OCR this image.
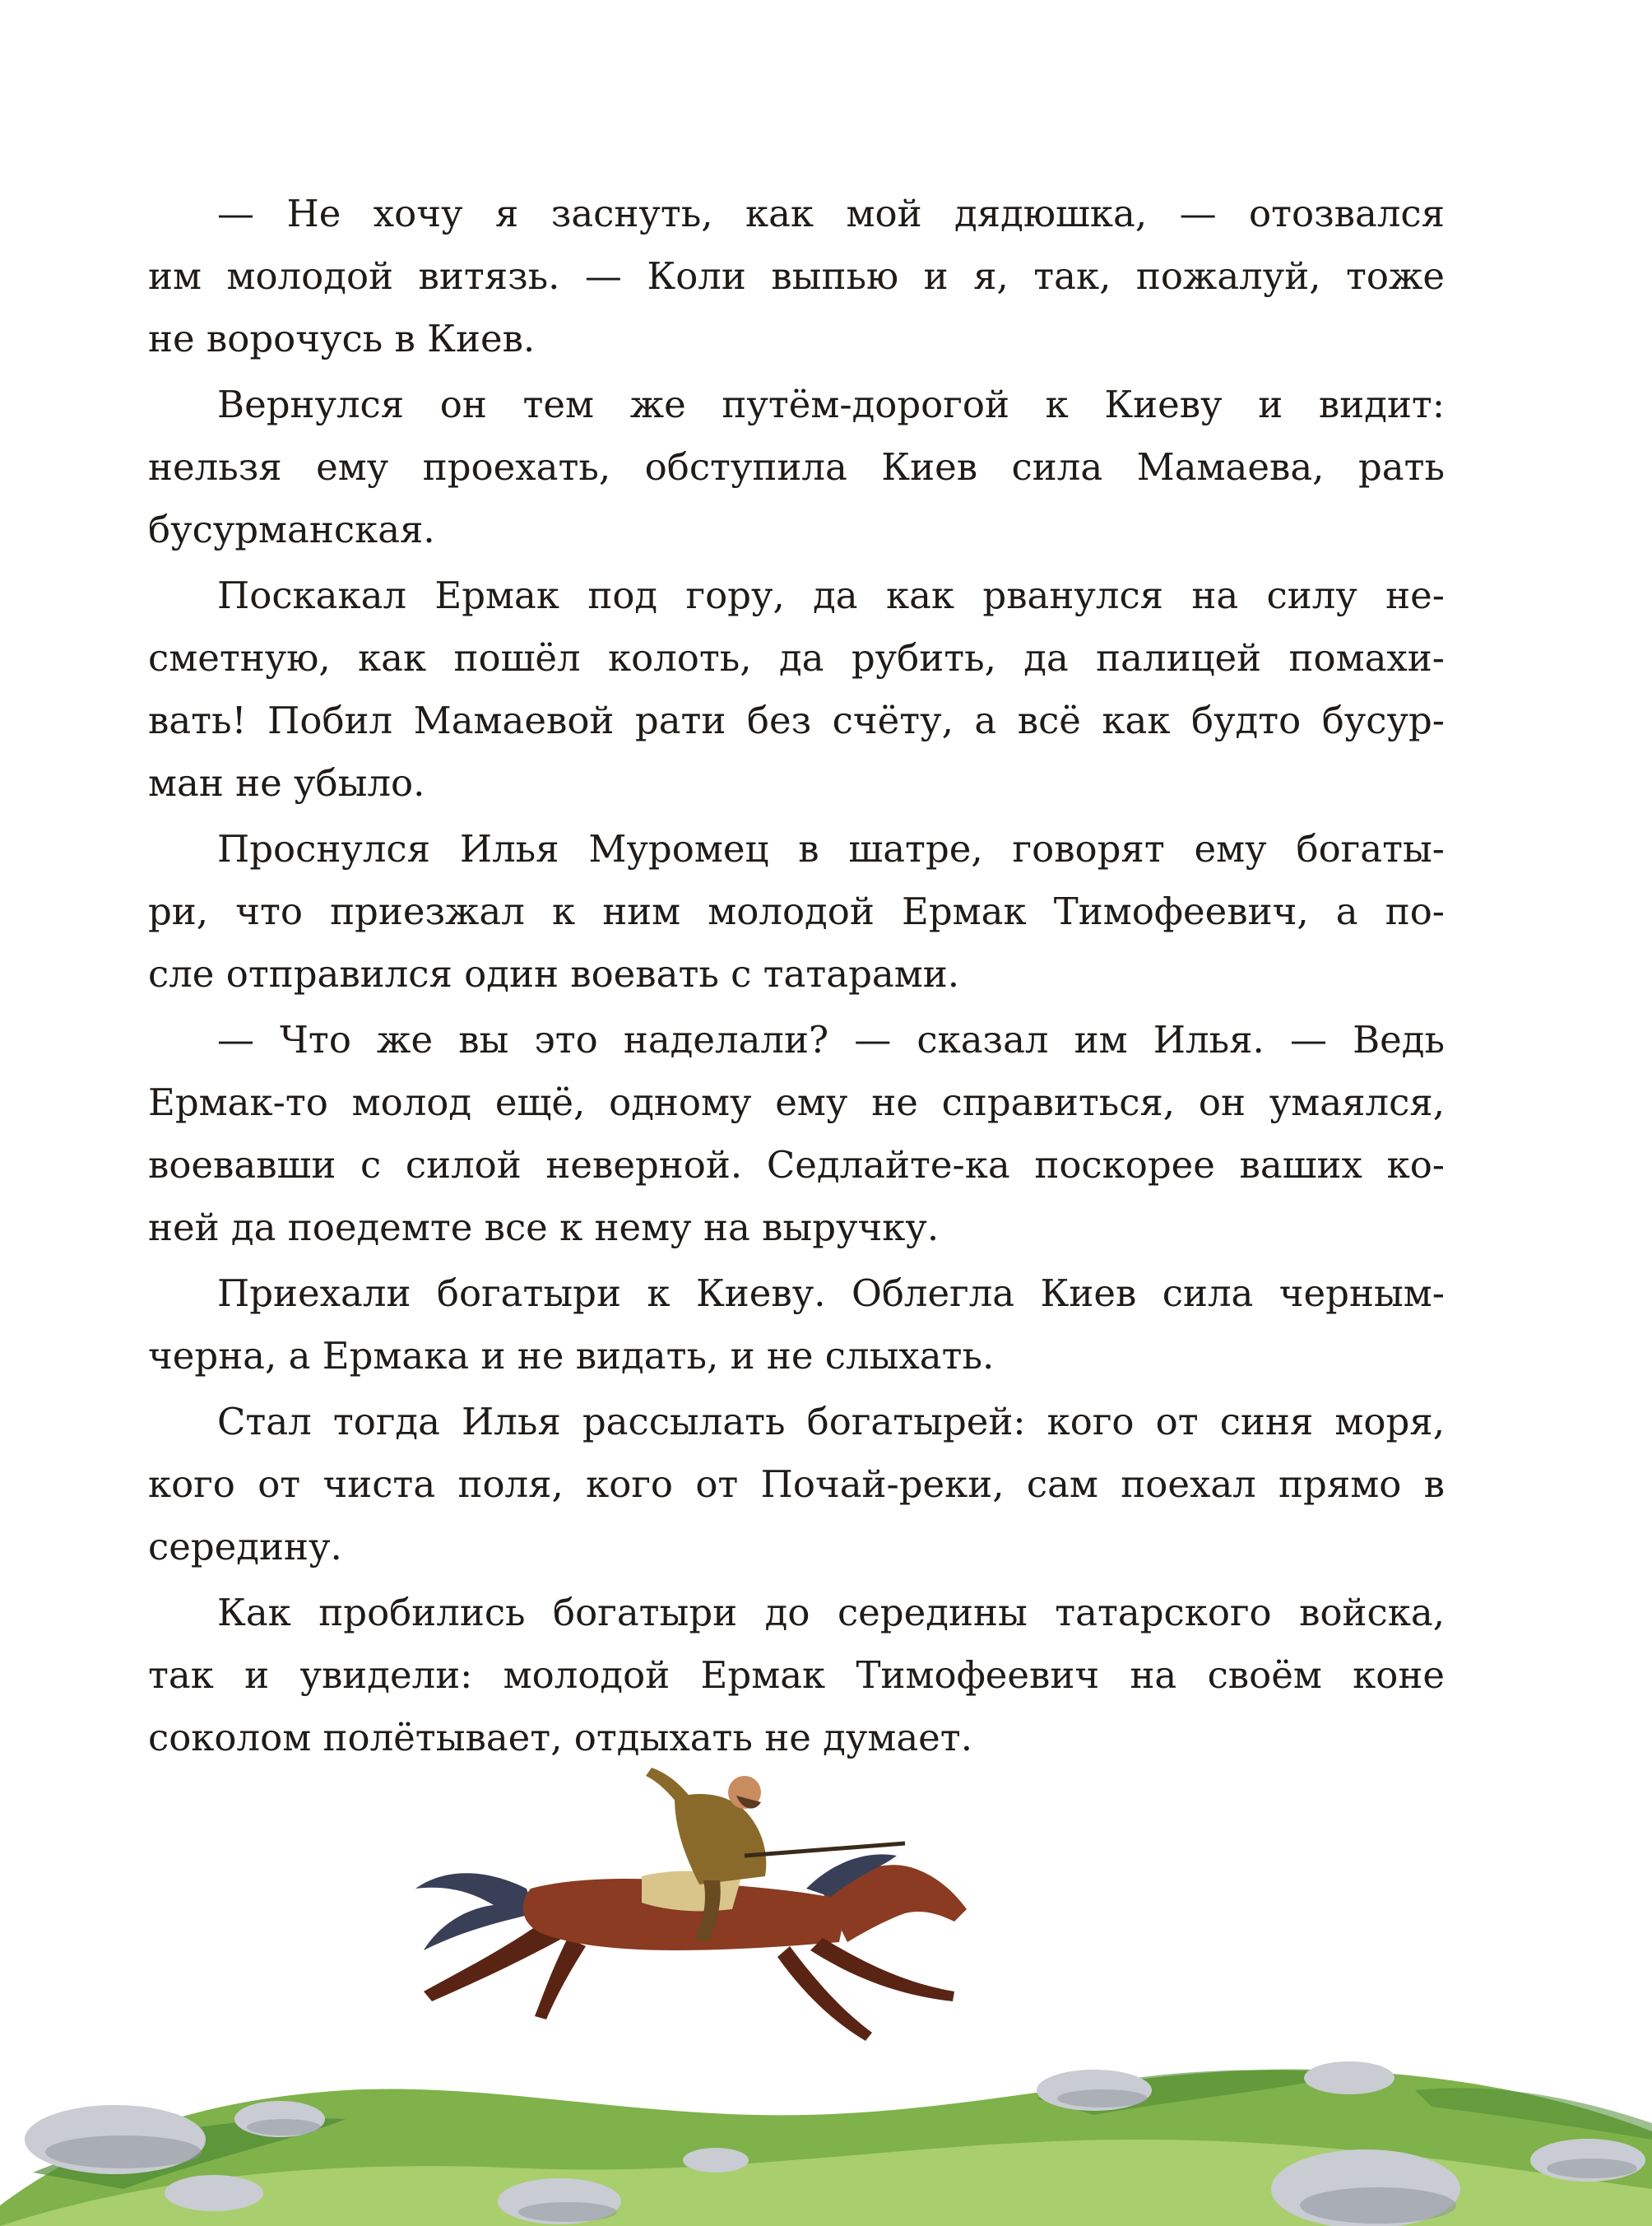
— Не хочу я заснуть, как мой дядюшка, — отозвался
им молодой витязь. — Коли выпью и я, так, пожалуй, тоже
не ворочусь в Киев.

Вернулся он тем же путём-дорогой к Киеву и видит:
нельзя ему проехать, обступила Киев сила Мамаева, рать
бусурманская.

Поскакал Ермак под гору, да как рванулся на силу не-
сметную, как пошёл колоть, да рубить, да палицей помахи-
вать! Побил Мамаевой рати без счёту, а всё как будто бусур-
ман не убыло.

Проснулся Илья Муромец в шатре, говорят ему богаты-
ри, что приезжал к ним молодой Ермак Тимофеевич, а по-
сле отправился один воевать с татарами.

— Что же вы это наделали? — сказал им Илья. — Ведь
Ермак-то молод ещё, одному ему не справиться, он умаялся,
воевавши с силой неверной. Седлайте-ка поскорее ваших ко-
ней да поедемте все к нему на выручку.

Приехали богатыри к Киеву. Облегла Киев сила черным-
черна, а Ермака и не видать, и не слыхать.

Стал тогда Илья рассылать богатырей: кого от синя моря,
кого от чиста поля, кого от Почай-реки, сам поехал прямо в
середину.

Как пробились богатыри до середины татарского войска,
так и увидели: молодой Ермак Тимофеевич на своём коне
соколом полётывает, отдыхать не думает.
